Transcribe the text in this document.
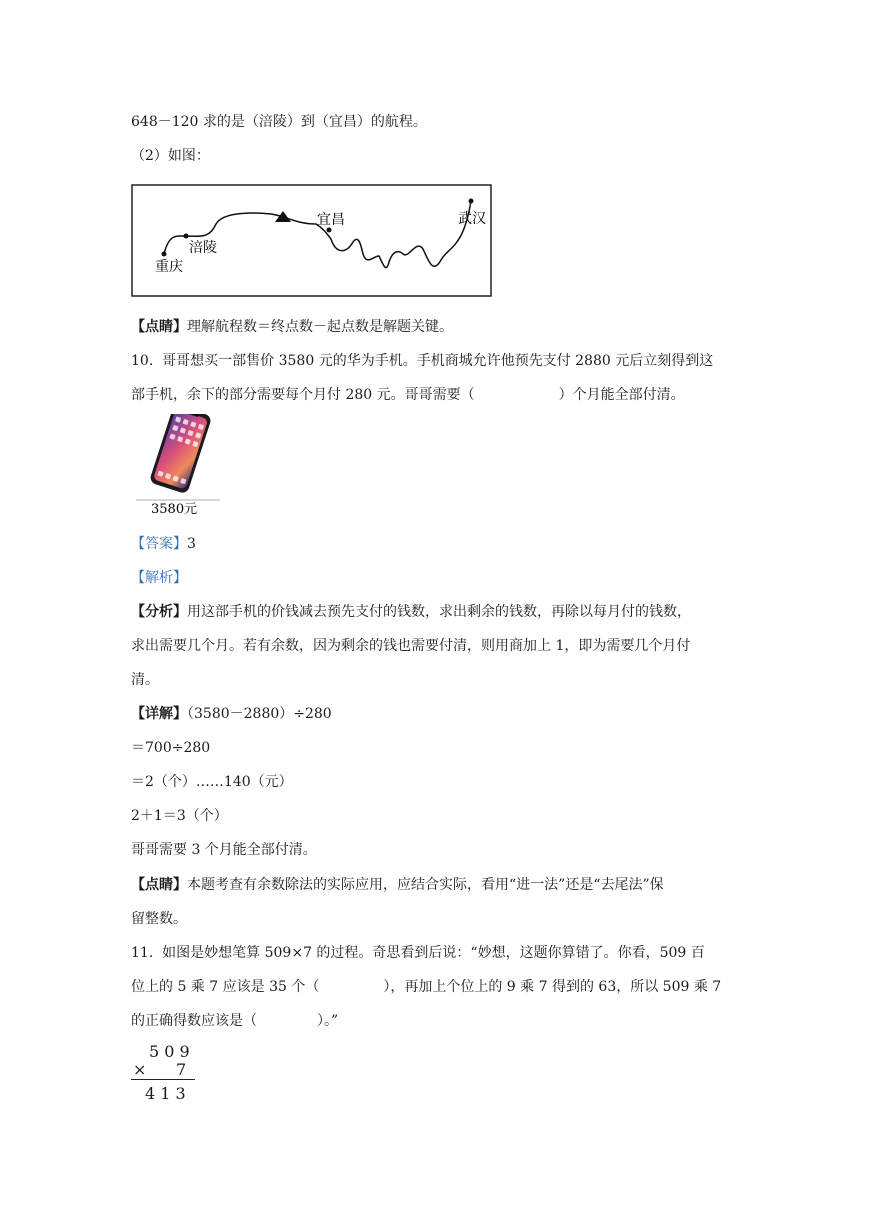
648－120 求的是（涪陵）到（宜昌）的航程。
（2）如图：
重庆
涪陵
宜昌	武汉
【点睛】理解航程数＝终点数－起点数是解题关键。
10.  哥哥想买一部售价 3580 元的华为手机。手机商城允许他预先支付 2880 元后立刻得到这
部手机，余下的部分需要每个月付 280 元。哥哥需要（	）个月能全部付清。
3580元
【答案】3
【解析】
【分析】用这部手机的价钱减去预先支付的钱数，求出剩余的钱数，再除以每月付的钱数，
求出需要几个月。若有余数，因为剩余的钱也需要付清，则用商加上 1，即为需要几个月付
清。
【详解】（3580－2880）÷280
＝700÷280
＝2（个）……140（元）
2＋1＝3（个）
哥哥需要 3 个月能全部付清。
【点睛】本题考查有余数除法的实际应用，应结合实际，看用“进一法”还是“去尾法”保
留整数。
11.  如图是妙想笔算 509×7 的过程。奇思看到后说：“妙想，这题你算错了。你看，509 百
位上的 5 乘 7 应该是 35 个（	），再加上个位上的 9 乘 7 得到的 63，所以 509 乘 7
的正确得数应该是（	）。”
5 0 9
× 7
4 1 3
